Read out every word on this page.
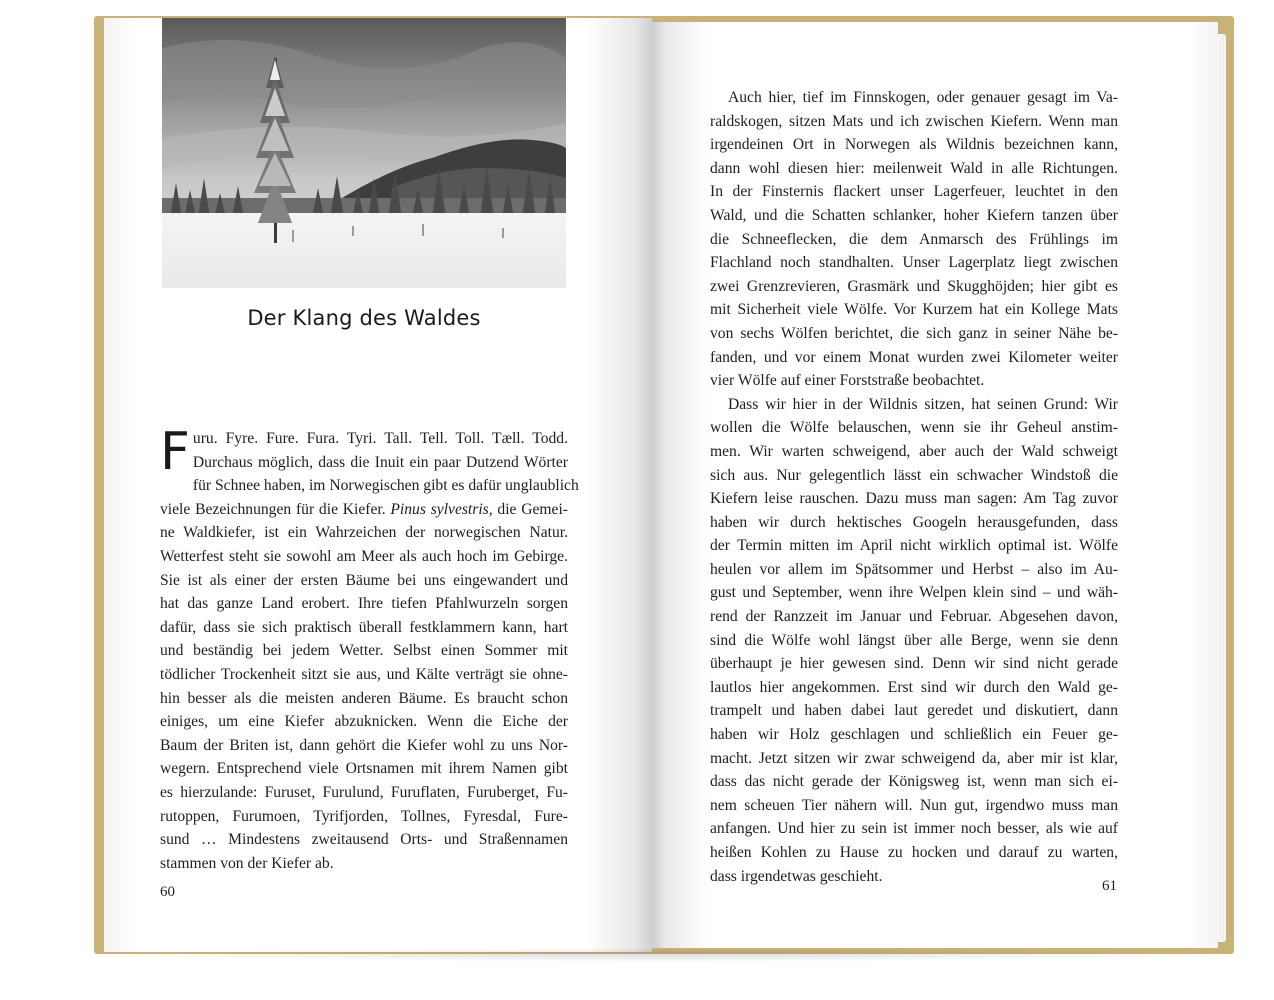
Der Klang des Waldes
F uru. Fyre. Fure. Fura. Tyri. Tall. Tell. Toll. Tæll. Todd.
Durchaus möglich, dass die Inuit ein paar Dutzend Wörter
für Schnee haben, im Norwegischen gibt es dafür unglaublich
viele Bezeichnungen für die Kiefer. Pinus sylvestris, die Gemei-
ne Waldkiefer, ist ein Wahrzeichen der norwegischen Natur.
Wetterfest steht sie sowohl am Meer als auch hoch im Gebirge.
Sie ist als einer der ersten Bäume bei uns eingewandert und
hat das ganze Land erobert. Ihre tiefen Pfahlwurzeln sorgen
dafür, dass sie sich praktisch überall festklammern kann, hart
und beständig bei jedem Wetter. Selbst einen Sommer mit
tödlicher Trockenheit sitzt sie aus, und Kälte verträgt sie ohne-
hin besser als die meisten anderen Bäume. Es braucht schon
einiges, um eine Kiefer abzuknicken. Wenn die Eiche der
Baum der Briten ist, dann gehört die Kiefer wohl zu uns Nor-
wegern. Entsprechend viele Ortsnamen mit ihrem Namen gibt
es hierzulande: Furuset, Furulund, Furuflaten, Furuberget, Fu-
rutoppen, Furumoen, Tyrifjorden, Tollnes, Fyresdal, Fure-
sund … Mindestens zweitausend Orts- und Straßennamen
stammen von der Kiefer ab.
60
Auch hier, tief im Finnskogen, oder genauer gesagt im Va-
raldskogen, sitzen Mats und ich zwischen Kiefern. Wenn man
irgendeinen Ort in Norwegen als Wildnis bezeichnen kann,
dann wohl diesen hier: meilenweit Wald in alle Richtungen.
In der Finsternis flackert unser Lagerfeuer, leuchtet in den
Wald, und die Schatten schlanker, hoher Kiefern tanzen über
die Schneeflecken, die dem Anmarsch des Frühlings im
Flachland noch standhalten. Unser Lagerplatz liegt zwischen
zwei Grenzrevieren, Grasmärk und Skugghöjden; hier gibt es
mit Sicherheit viele Wölfe. Vor Kurzem hat ein Kollege Mats
von sechs Wölfen berichtet, die sich ganz in seiner Nähe be-
fanden, und vor einem Monat wurden zwei Kilometer weiter
vier Wölfe auf einer Forststraße beobachtet.
Dass wir hier in der Wildnis sitzen, hat seinen Grund: Wir
wollen die Wölfe belauschen, wenn sie ihr Geheul anstim-
men. Wir warten schweigend, aber auch der Wald schweigt
sich aus. Nur gelegentlich lässt ein schwacher Windstoß die
Kiefern leise rauschen. Dazu muss man sagen: Am Tag zuvor
haben wir durch hektisches Googeln herausgefunden, dass
der Termin mitten im April nicht wirklich optimal ist. Wölfe
heulen vor allem im Spätsommer und Herbst – also im Au-
gust und September, wenn ihre Welpen klein sind – und wäh-
rend der Ranzzeit im Januar und Februar. Abgesehen davon,
sind die Wölfe wohl längst über alle Berge, wenn sie denn
überhaupt je hier gewesen sind. Denn wir sind nicht gerade
lautlos hier angekommen. Erst sind wir durch den Wald ge-
trampelt und haben dabei laut geredet und diskutiert, dann
haben wir Holz geschlagen und schließlich ein Feuer ge-
macht. Jetzt sitzen wir zwar schweigend da, aber mir ist klar,
dass das nicht gerade der Königsweg ist, wenn man sich ei-
nem scheuen Tier nähern will. Nun gut, irgendwo muss man
anfangen. Und hier zu sein ist immer noch besser, als wie auf
heißen Kohlen zu Hause zu hocken und darauf zu warten,
dass irgendetwas geschieht.
61
